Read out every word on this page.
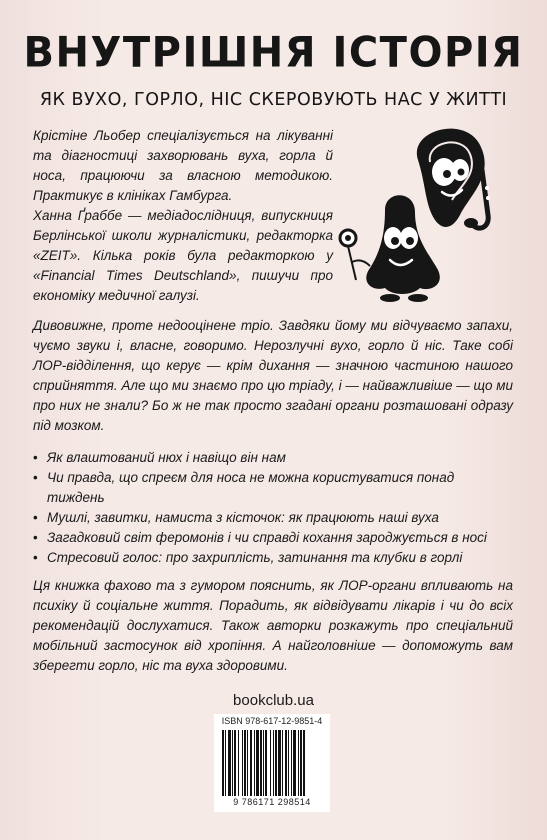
ВНУТРІШНЯ ІСТОРІЯ
ЯК ВУХО, ГОРЛО, НІС СКЕРОВУЮТЬ НАС У ЖИТТІ

Крістіне Льобер спеціалізується на лікуванні та діагностиці захворювань вуха, горла й носа, працюючи за власною методикою. Практикує в клініках Гамбурга.

Ханна Ґраббе — медіадослідниця, випускниця Берлінської школи журналістики, редакторка «ZEIT». Кілька років була редакторкою у «Financial Times Deutschland», пишучи про економіку медичної галузі.

Дивовижне, проте недооцінене тріо. Завдяки йому ми відчуваємо запахи, чуємо звуки і, власне, говоримо. Нерозлучні вухо, горло й ніс. Таке собі ЛОР-відділення, що керує — крім дихання — значною частиною нашого сприйняття. Але що ми знаємо про цю тріаду, і — найважливіше — що ми про них не знали? Бо ж не так просто згадані органи розташовані одразу під мозком.
• Як влаштований нюх і навіщо він нам
• Чи правда, що спреєм для носа не можна користуватися понад тиждень
• Мушлі, завитки, намиста з кісточок: як працюють наші вуха
• Загадковий світ феромонів і чи справді кохання зароджується в носі
• Стресовий голос: про захриплість, затинання та клубки в горлі
Ця книжка фахово та з гумором пояснить, як ЛОР-органи впливають на психіку й соціальне життя. Порадить, як відвідувати лікарів і чи до всіх рекомендацій дослухатися. Також авторки розкажуть про спеціальний мобільний застосунок від хропіння. А найголовніше — допоможуть вам зберегти горло, ніс та вуха здоровими.
bookclub.ua
ISBN 978-617-12-9851-4
9 786171 298514
